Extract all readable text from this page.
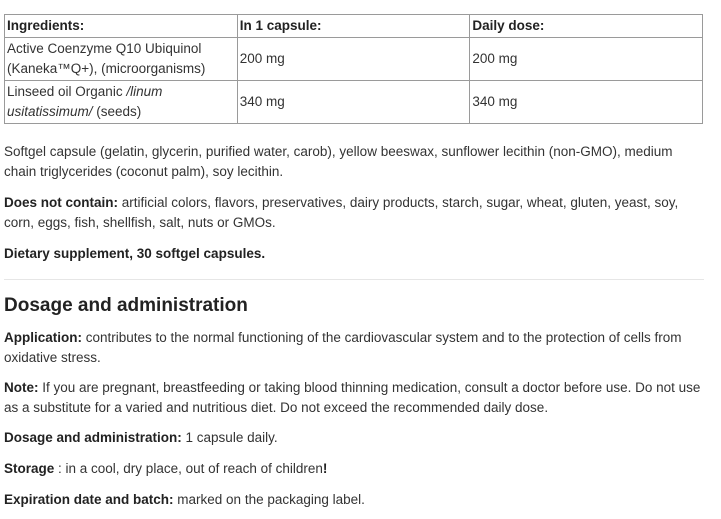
Ingredients:	In 1 capsule:	Daily dose:

Active Coenzyme Q10 Ubiquinol
(Kaneka™Q+), (microorganisms)	200 mg	200 mg
Linseed oil Organic /linum usitatissimum/ (seeds)	340 mg	340 mg

Softgel capsule (gelatin, glycerin, purified water, carob), yellow beeswax, sunflower lecithin (non-GMO), medium chain triglycerides (coconut palm), soy lecithin.

Does not contain: artificial colors, flavors, preservatives, dairy products, starch, sugar, wheat, gluten, yeast, soy, corn, eggs, fish, shellfish, salt, nuts or GMOs.

Dietary supplement, 30 softgel capsules.

Dosage and administration

Application: contributes to the normal functioning of the cardiovascular system and to the protection of cells from oxidative stress.

Note: If you are pregnant, breastfeeding or taking blood thinning medication, consult a doctor before use. Do not use as a substitute for a varied and nutritious diet. Do not exceed the recommended daily dose.

Dosage and administration: 1 capsule daily.

Storage : in a cool, dry place, out of reach of children!

Expiration date and batch: marked on the packaging label.
